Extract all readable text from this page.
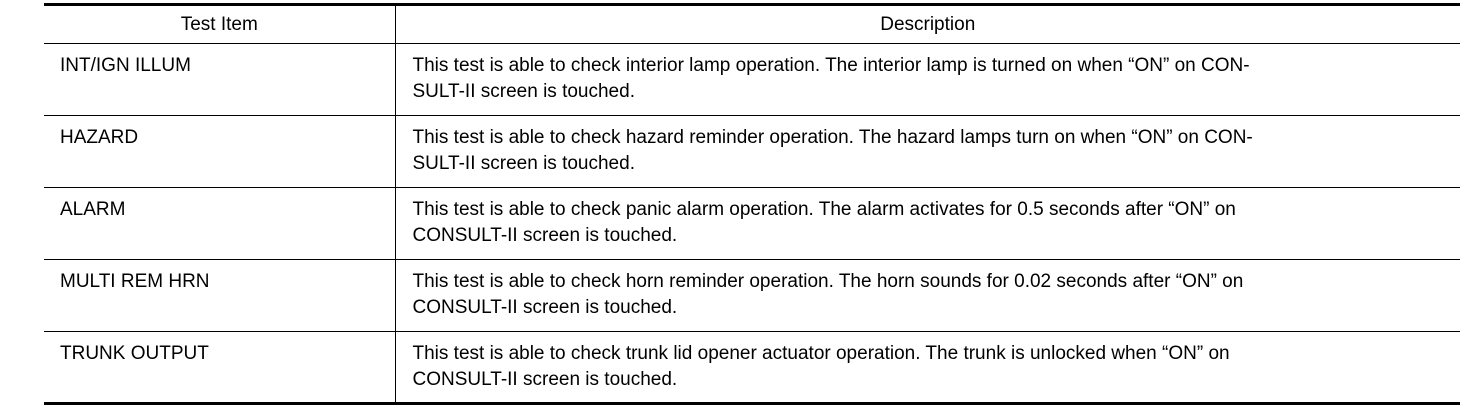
Test Item	Description
INT/IGN ILLUM	This test is able to check interior lamp operation. The interior lamp is turned on when “ON” on CON-
SULT-II screen is touched.

HAZARD	This test is able to check hazard reminder operation. The hazard lamps turn on when “ON” on CON-
SULT-II screen is touched.

ALARM	This test is able to check panic alarm operation. The alarm activates for 0.5 seconds after “ON” on
CONSULT-II screen is touched.

MULTI REM HRN	This test is able to check horn reminder operation. The horn sounds for 0.02 seconds after “ON” on
CONSULT-II screen is touched.

TRUNK OUTPUT	This test is able to check trunk lid opener actuator operation. The trunk is unlocked when “ON” on
CONSULT-II screen is touched.
